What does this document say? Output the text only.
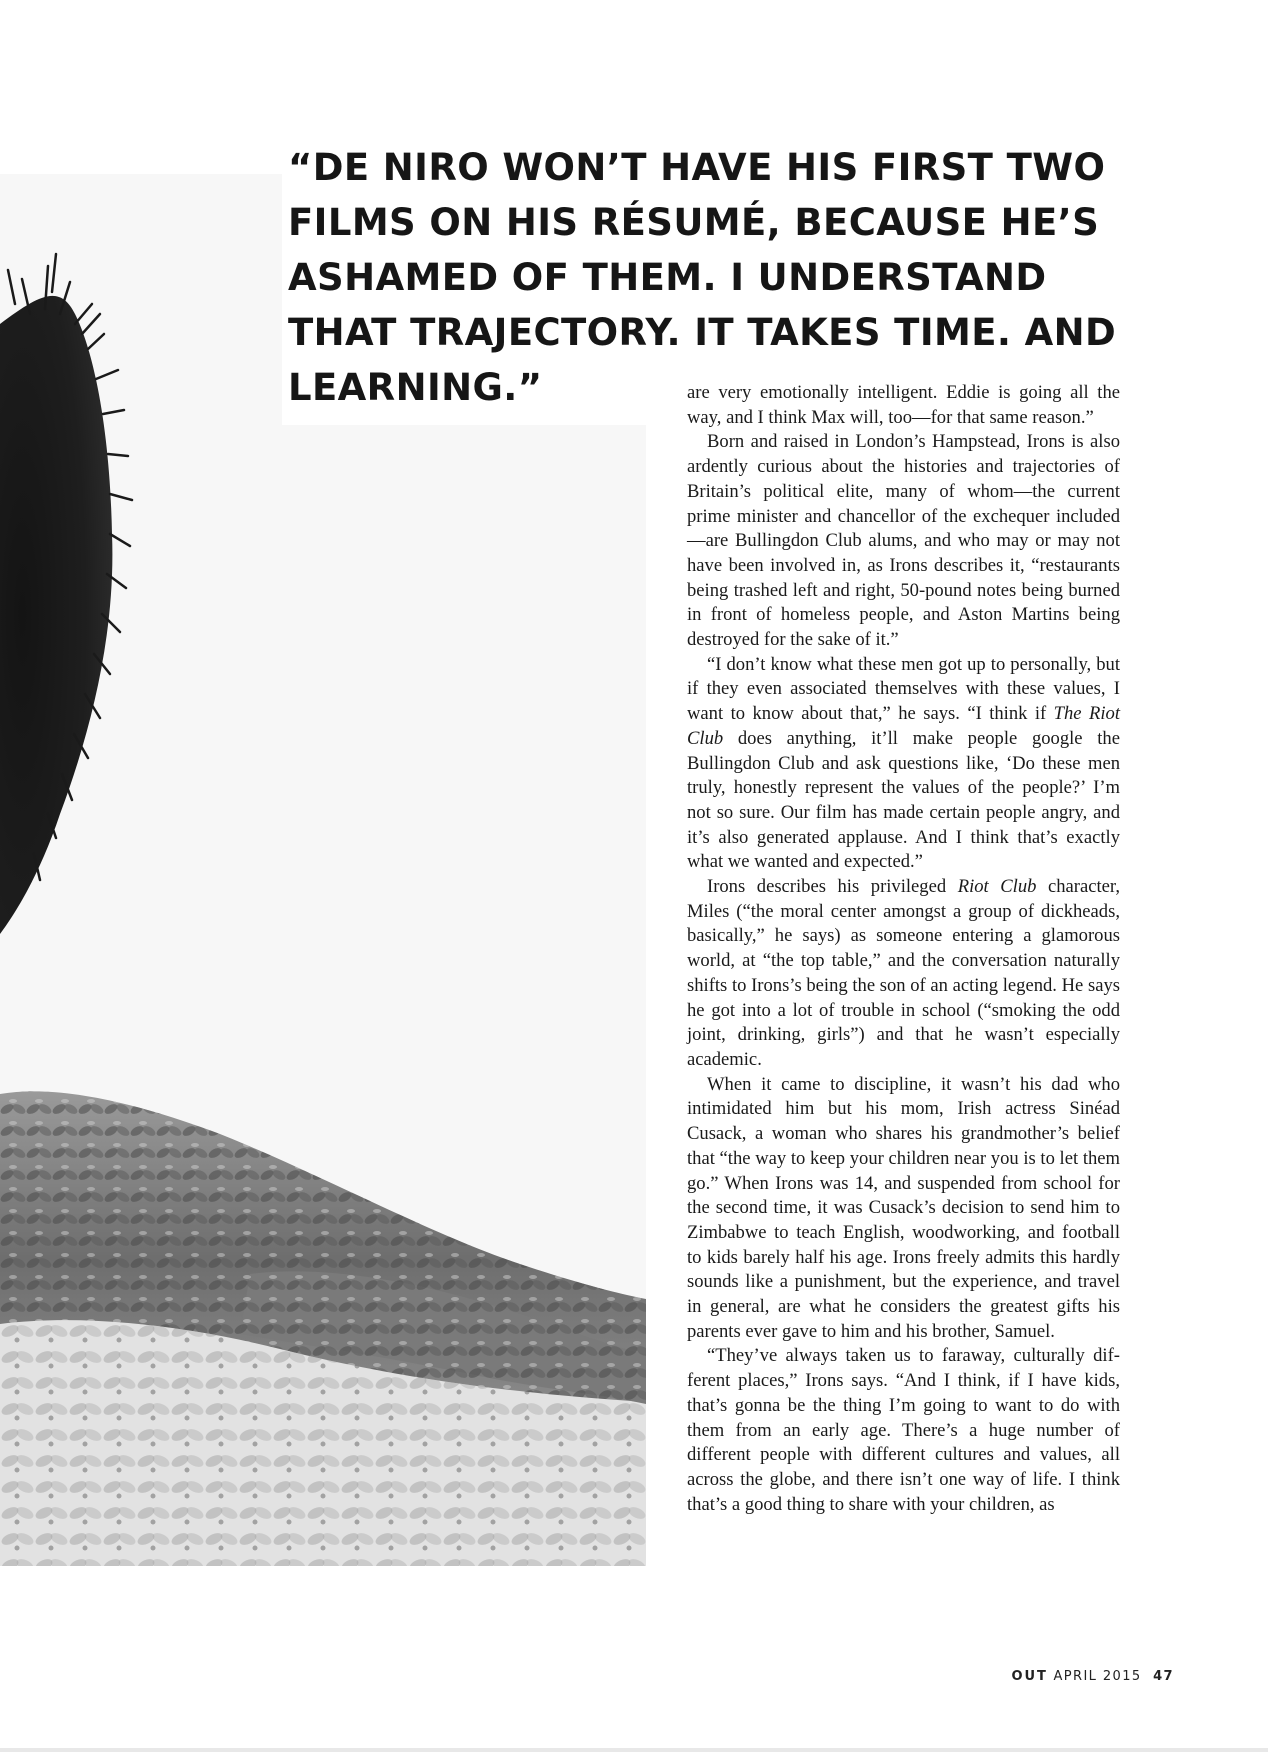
“DE NIRO WON’T HAVE HIS FIRST TWO FILMS ON HIS RÉSUMÉ, BECAUSE HE’S ASHAMED OF THEM. I UNDERSTAND THAT TRAJECTORY. IT TAKES TIME. AND LEARNING.”	are very emotionally intelligent. Eddie is going all the way, and I think Max will, too—for that same reason.”

Born and raised in London’s Hampstead, Irons is also ardently curious about the histories and trajectories of Britain’s political elite, many of whom—the current prime minister and chancellor of the exchequer included—are Bullingdon Club alums, and who may or may not have been involved in, as Irons describes it, “restaurants being trashed left and right, 50-pound notes being burned in front of homeless people, and Aston Martins being destroyed for the sake of it.”

“I don’t know what these men got up to personally, but if they even associated themselves with these values, I want to know about that,” he says. “I think if The Riot Club does anything, it’ll make people google the Bullingdon Club and ask questions like, ‘Do these men truly, honestly represent the values of the people?’ I’m not so sure. Our film has made certain people angry, and it’s also generated applause. And I think that’s exactly what we wanted and expected.”

Irons describes his privileged Riot Club character, Miles (“the moral center amongst a group of dickheads, basically,” he says) as someone entering a glamorous world, at “the top table,” and the conversation naturally shifts to Irons’s being the son of an acting legend. He says he got into a lot of trouble in school (“smoking the odd joint, drinking, girls”) and that he wasn’t especially academic.

When it came to discipline, it wasn’t his dad who intimidated him but his mom, Irish actress Sinéad Cusack, a woman who shares his grandmother’s belief that “the way to keep your children near you is to let them go.” When Irons was 14, and suspended from school for the second time, it was Cusack’s decision to send him to Zimbabwe to teach English, woodworking, and football to kids barely half his age. Irons freely admits this hardly sounds like a punishment, but the experience, and travel in general, are what he considers the greatest gifts his parents ever gave to him and his brother, Samuel.

“They’ve always taken us to faraway, culturally different places,” Irons says. “And I think, if I have kids, that’s gonna be the thing I’m going to want to do with them from an early age. There’s a huge number of different people with different cultures and values, all across the globe, and there isn’t one way of life. I think that’s a good thing to share with your children, as

OUT APRIL 2015 47
